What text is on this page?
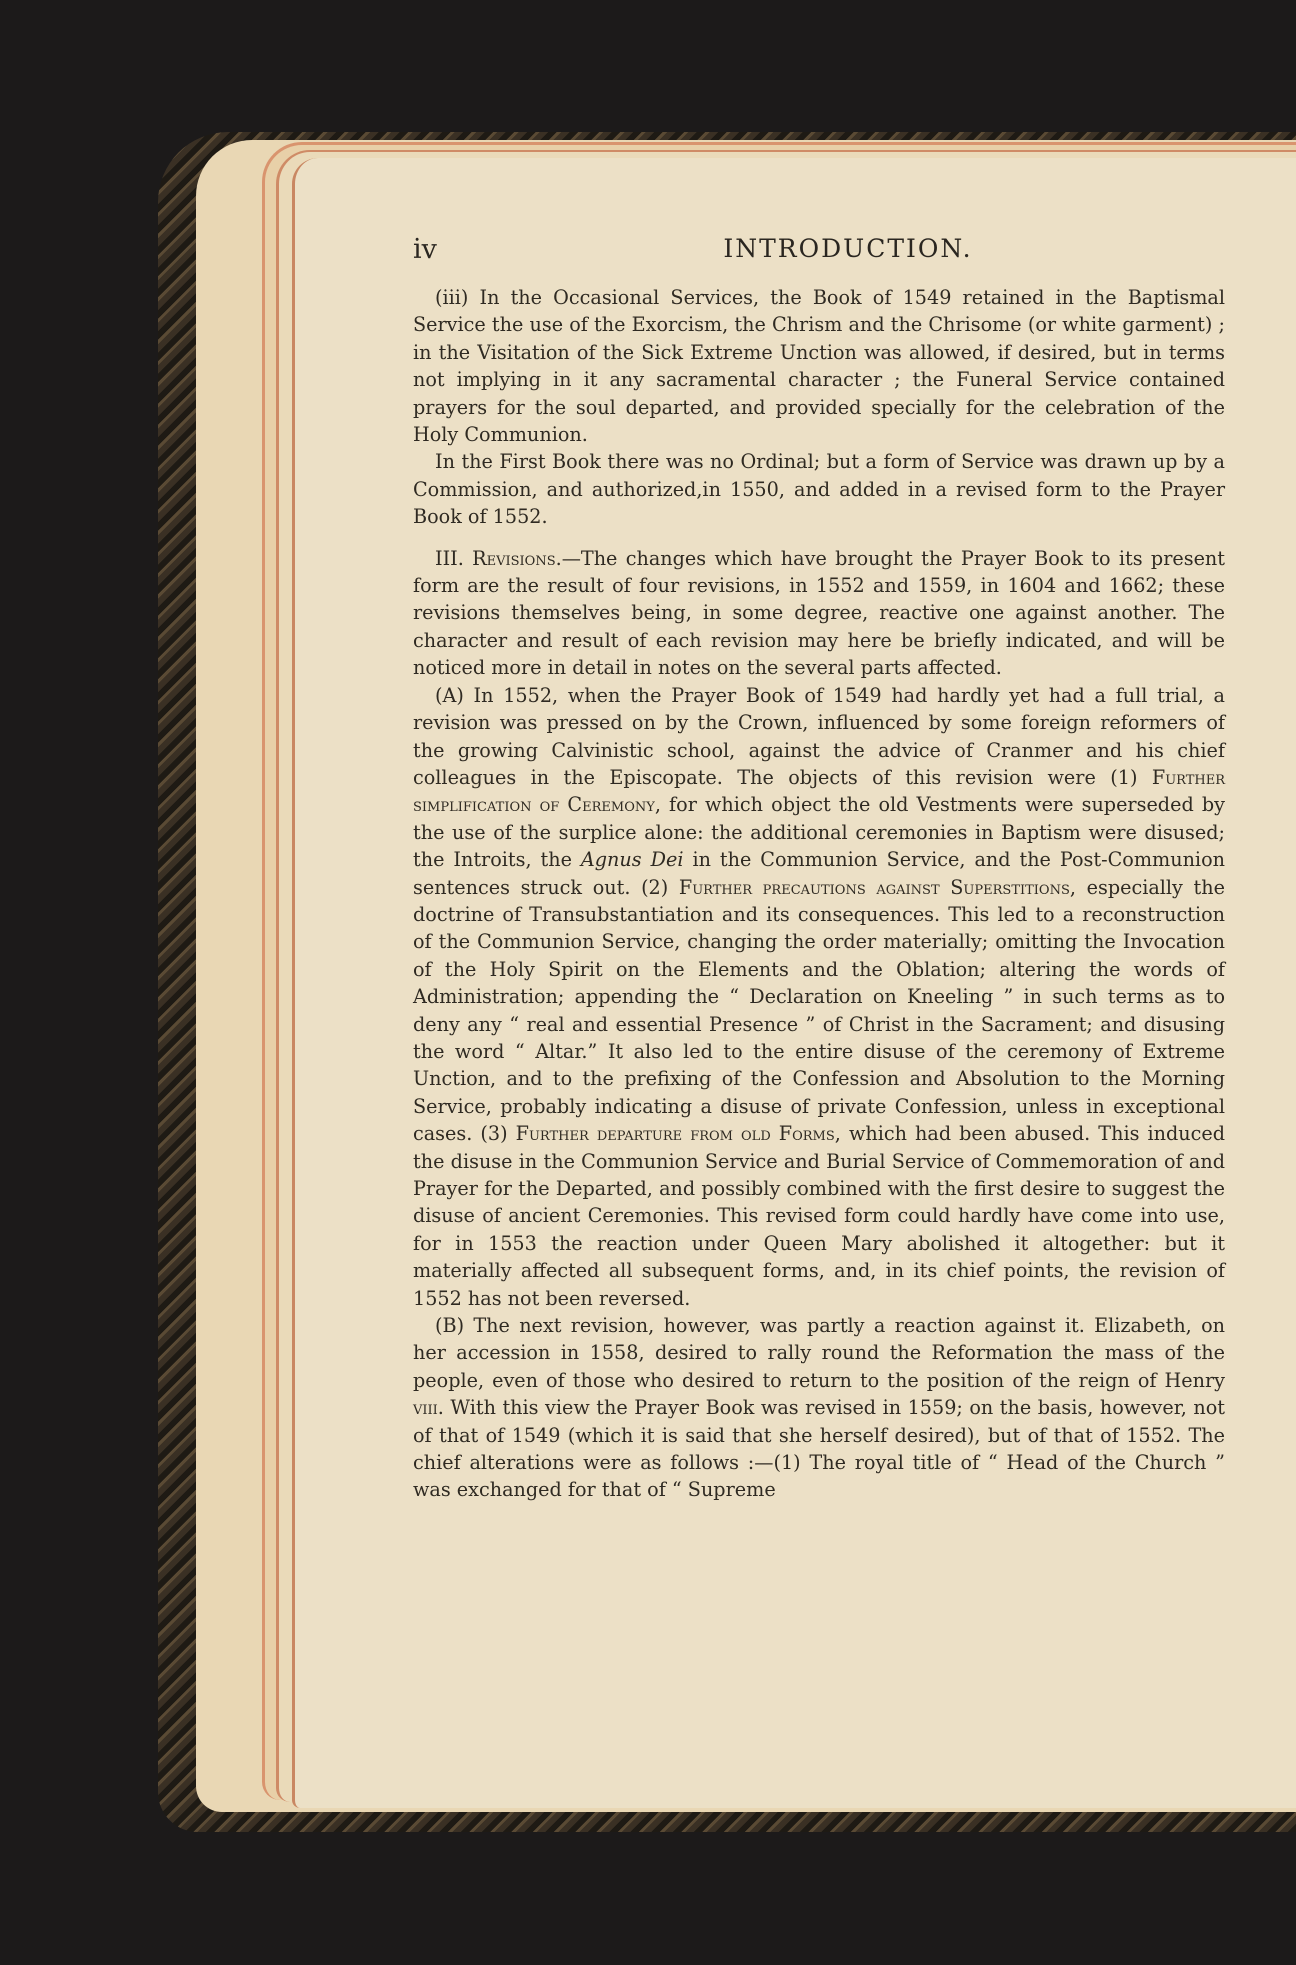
iv	INTRODUCTION.

(iii) In the Occasional Services, the Book of 1549 retained in the Baptismal Service the use of the Exorcism, the Chrism and the Chrisome (or white garment) ; in the Visitation of the Sick Extreme Unction was allowed, if desired, but in terms not implying in it any sacramental character ; the Funeral Service contained prayers for the soul departed, and provided specially for the celebration of the Holy Communion.

In the First Book there was no Ordinal; but a form of Service was drawn up by a Commission, and authorized,in 1550, and added in a revised form to the Prayer Book of 1552.

III. Revisions.—The changes which have brought the Prayer Book to its present form are the result of four revisions, in 1552 and 1559, in 1604 and 1662; these revisions themselves being, in some degree, reactive one against another. The character and result of each revision may here be briefly indicated, and will be noticed more in detail in notes on the several parts affected.

(A) In 1552, when the Prayer Book of 1549 had hardly yet had a full trial, a revision was pressed on by the Crown, influenced by some foreign reformers of the growing Calvinistic school, against the advice of Cranmer and his chief colleagues in the Episcopate. The objects of this revision were (1) Further simplification of Ceremony, for which object the old Vestments were superseded by the use of the surplice alone: the additional ceremonies in Baptism were disused; the Introits, the Agnus Dei in the Communion Service, and the Post-Communion sentences struck out. (2) Further precautions against Superstitions, especially the doctrine of Transubstantiation and its consequences. This led to a reconstruction of the Communion Service, changing the order materially; omitting the Invocation of the Holy Spirit on the Elements and the Oblation; altering the words of Administration; appending the “ Declaration on Kneeling ” in such terms as to deny any “ real and essential Presence ” of Christ in the Sacrament; and disusing the word “ Altar.” It also led to the entire disuse of the ceremony of Extreme Unction, and to the prefixing of the Confession and Absolution to the Morning Service, probably indicating a disuse of private Confession, unless in exceptional cases. (3) Further departure from old Forms, which had been abused. This induced the disuse in the Communion Service and Burial Service of Commemoration of and Prayer for the Departed, and possibly combined with the first desire to suggest the disuse of ancient Ceremonies. This revised form could hardly have come into use, for in 1553 the reaction under Queen Mary abolished it altogether: but it materially affected all subsequent forms, and, in its chief points, the revision of 1552 has not been reversed.

(B) The next revision, however, was partly a reaction against it. Elizabeth, on her accession in 1558, desired to rally round the Reformation the mass of the people, even of those who desired to return to the position of the reign of Henry viii. With this view the Prayer Book was revised in 1559; on the basis, however, not of that of 1549 (which it is said that she herself desired), but of that of 1552. The chief alterations were as follows :—(1) The royal title of “ Head of the Church ” was exchanged for that of “ Supreme
